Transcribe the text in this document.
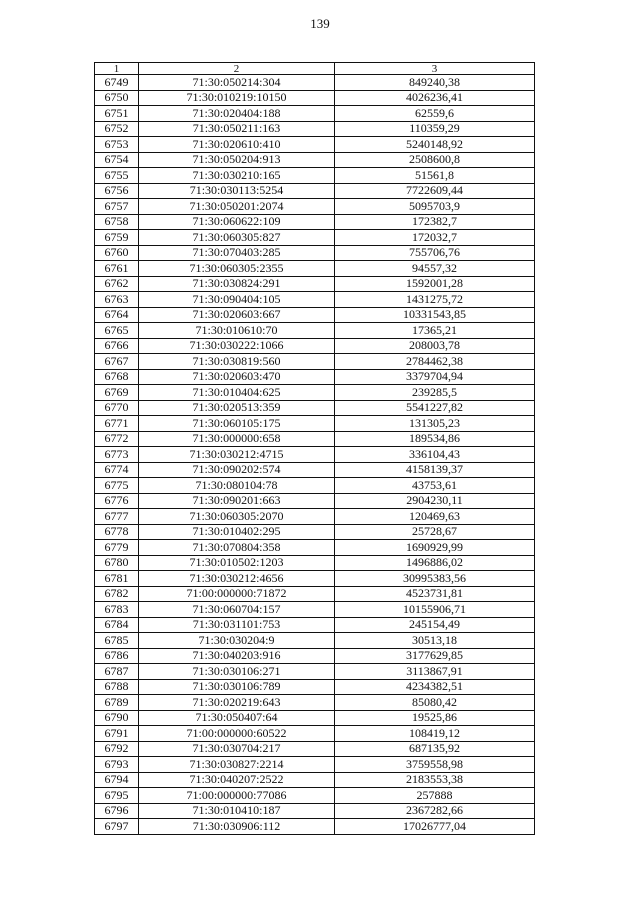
139
1	2	3
6749	71:30:050214:304	849240,38
6750	71:30:010219:10150	4026236,41
6751	71:30:020404:188	62559,6
6752	71:30:050211:163	110359,29
6753	71:30:020610:410	5240148,92
6754	71:30:050204:913	2508600,8
6755	71:30:030210:165	51561,8
6756	71:30:030113:5254	7722609,44
6757	71:30:050201:2074	5095703,9
6758	71:30:060622:109	172382,7
6759	71:30:060305:827	172032,7
6760	71:30:070403:285	755706,76
6761	71:30:060305:2355	94557,32
6762	71:30:030824:291	1592001,28
6763	71:30:090404:105	1431275,72
6764	71:30:020603:667	10331543,85
6765	71:30:010610:70	17365,21
6766	71:30:030222:1066	208003,78
6767	71:30:030819:560	2784462,38
6768	71:30:020603:470	3379704,94
6769	71:30:010404:625	239285,5
6770	71:30:020513:359	5541227,82
6771	71:30:060105:175	131305,23
6772	71:30:000000:658	189534,86
6773	71:30:030212:4715	336104,43
6774	71:30:090202:574	4158139,37
6775	71:30:080104:78	43753,61
6776	71:30:090201:663	2904230,11
6777	71:30:060305:2070	120469,63
6778	71:30:010402:295	25728,67
6779	71:30:070804:358	1690929,99
6780	71:30:010502:1203	1496886,02
6781	71:30:030212:4656	30995383,56
6782	71:00:000000:71872	4523731,81
6783	71:30:060704:157	10155906,71
6784	71:30:031101:753	245154,49
6785	71:30:030204:9	30513,18
6786	71:30:040203:916	3177629,85
6787	71:30:030106:271	3113867,91
6788	71:30:030106:789	4234382,51
6789	71:30:020219:643	85080,42
6790	71:30:050407:64	19525,86
6791	71:00:000000:60522	108419,12
6792	71:30:030704:217	687135,92
6793	71:30:030827:2214	3759558,98
6794	71:30:040207:2522	2183553,38
6795	71:00:000000:77086	257888
6796	71:30:010410:187	2367282,66
6797	71:30:030906:112	17026777,04
